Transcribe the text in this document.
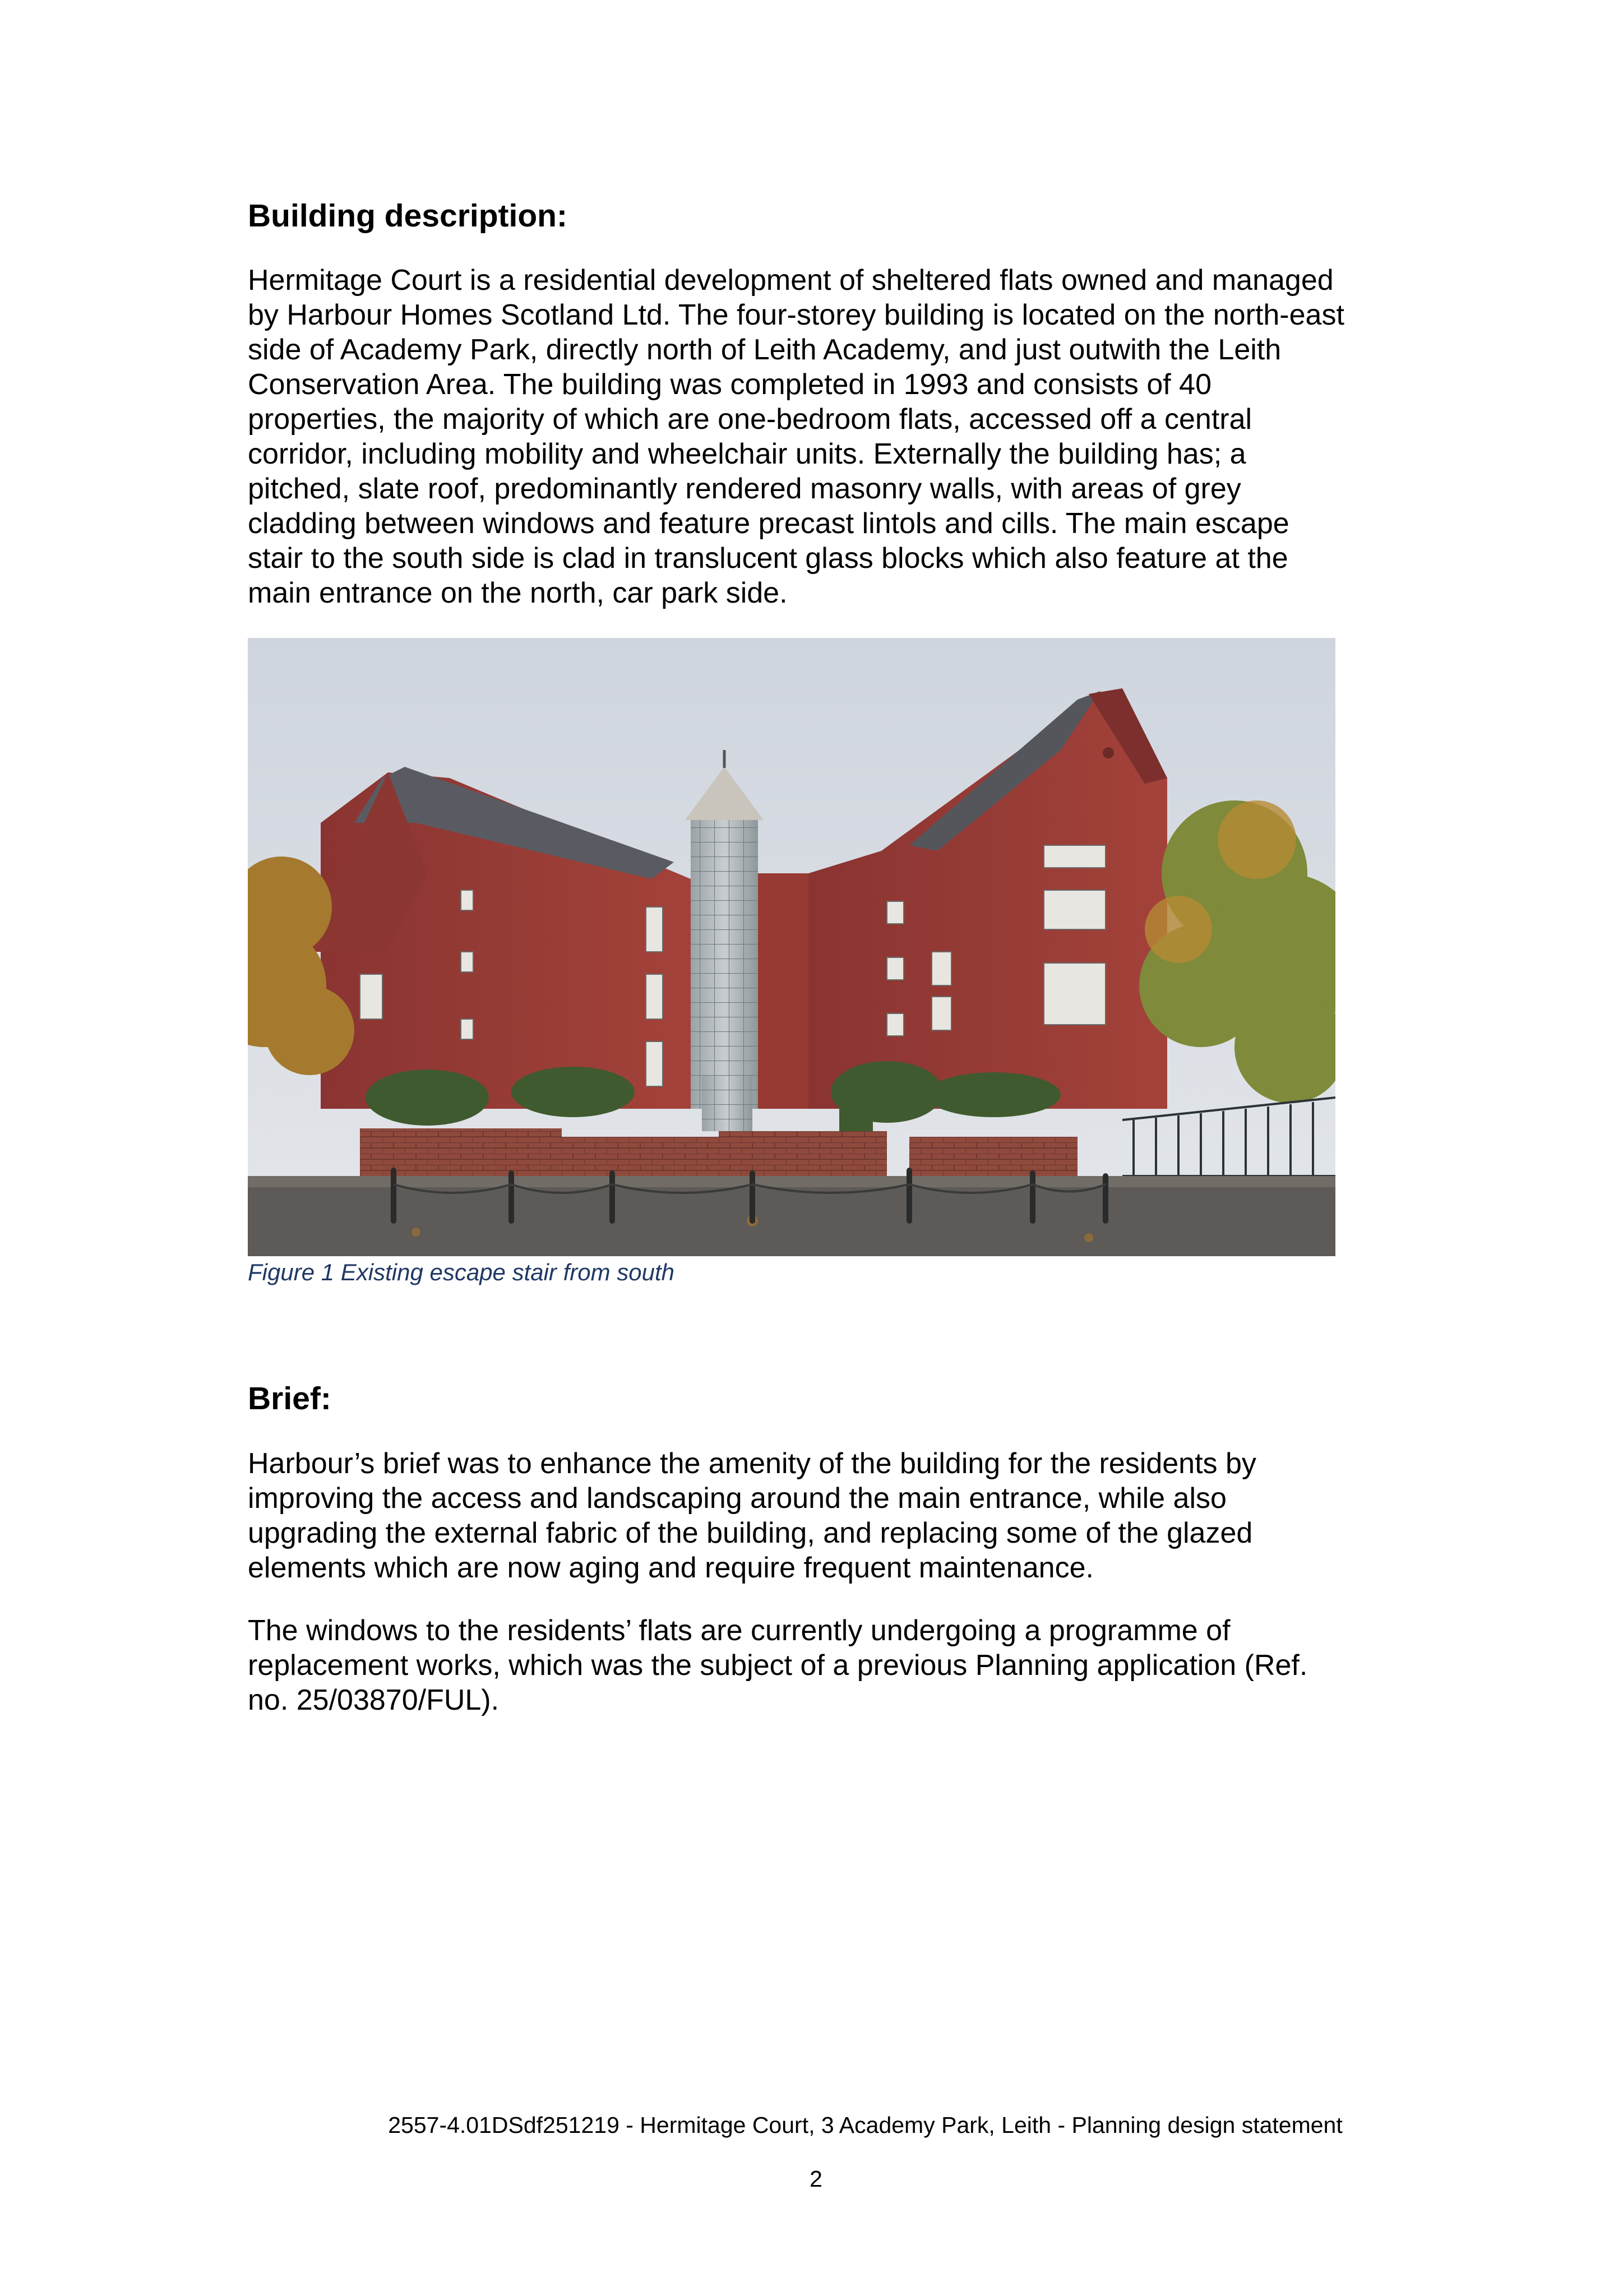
Building description:

Hermitage Court is a residential development of sheltered flats owned and managed
by Harbour Homes Scotland Ltd. The four-storey building is located on the north-east
side of Academy Park, directly north of Leith Academy, and just outwith the Leith
Conservation Area. The building was completed in 1993 and consists of 40
properties, the majority of which are one-bedroom flats, accessed off a central
corridor, including mobility and wheelchair units. Externally the building has; a
pitched, slate roof, predominantly rendered masonry walls, with areas of grey
cladding between windows and feature precast lintols and cills. The main escape
stair to the south side is clad in translucent glass blocks which also feature at the
main entrance on the north, car park side.

Figure 1 Existing escape stair from south
Brief:

Harbour’s brief was to enhance the amenity of the building for the residents by
improving the access and landscaping around the main entrance, while also
upgrading the external fabric of the building, and replacing some of the glazed
elements which are now aging and require frequent maintenance.

The windows to the residents’ flats are currently undergoing a programme of
replacement works, which was the subject of a previous Planning application (Ref.
no. 25/03870/FUL).

2557-4.01DSdf251219 - Hermitage Court, 3 Academy Park, Leith - Planning design statement
2
